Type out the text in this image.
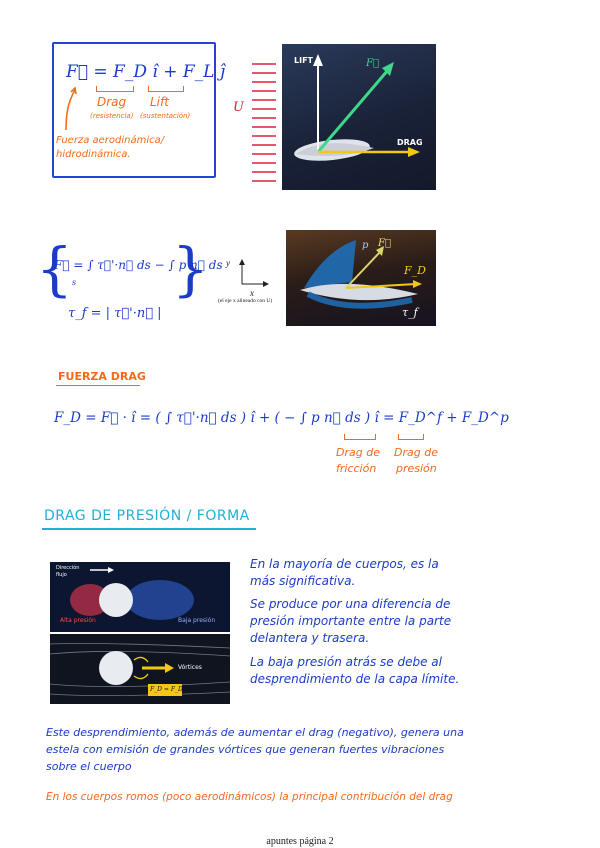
F⃗ = F_D î + F_L ĵ
Drag
(resistencia)
Lift
(sustentación)
Fuerza aerodinámica/
hidrodinámica.
U
LIFT
DRAG
F⃗
{ }
F⃗ = ∫ τ⃗'·n⃗ ds − ∫ p n⃗ ds
s
τ_f = | τ⃗'·n⃗ |
y
x
(el eje x alineado con U)
p F⃗
F_D
τ_f
FUERZA DRAG
F_D = F⃗ · î = ( ∫ τ⃗'·n⃗ ds ) î + ( − ∫ p n⃗ ds ) î = F_D^f + F_D^p
Drag de
fricción
Drag de
presión
DRAG DE PRESIÓN / FORMA
Dirección
flujo
Alta presión	Baja presión
Vórtices
F_D ≈ F_D^p
En la mayoría de cuerpos, es la más significativa.
Se produce por una diferencia de presión importante entre la parte delantera y trasera.
La baja presión atrás se debe al desprendimiento de la capa límite.
Este desprendimiento, además de aumentar el drag (negativo), genera una estela con emisión de grandes vórtices que generan fuertes vibraciones sobre el cuerpo
En los cuerpos romos (poco aerodinámicos) la principal contribución del drag
apuntes página 2
